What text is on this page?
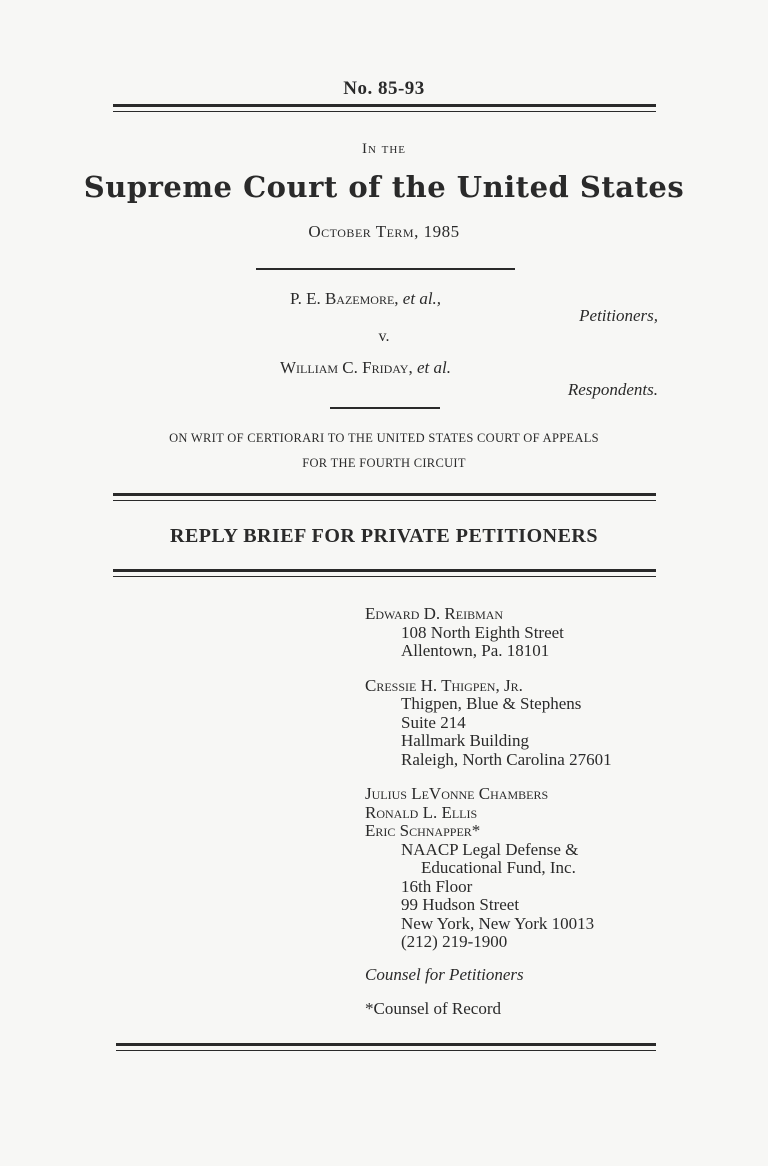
No. 85-93
In the
Supreme Court of the United States
October Term, 1985
P. E. Bazemore, et al.,
Petitioners,
v.
William C. Friday, et al.
Respondents.
ON WRIT OF CERTIORARI TO THE UNITED STATES COURT OF APPEALS
FOR THE FOURTH CIRCUIT
REPLY BRIEF FOR PRIVATE PETITIONERS
Edward D. Reibman
108 North Eighth Street
Allentown, Pa. 18101
Cressie H. Thigpen, Jr.
Thigpen, Blue & Stephens
Suite 214
Hallmark Building
Raleigh, North Carolina 27601
Julius LeVonne Chambers
Ronald L. Ellis
Eric Schnapper*
NAACP Legal Defense &
Educational Fund, Inc.
16th Floor
99 Hudson Street
New York, New York 10013
(212) 219-1900
Counsel for Petitioners
*Counsel of Record
